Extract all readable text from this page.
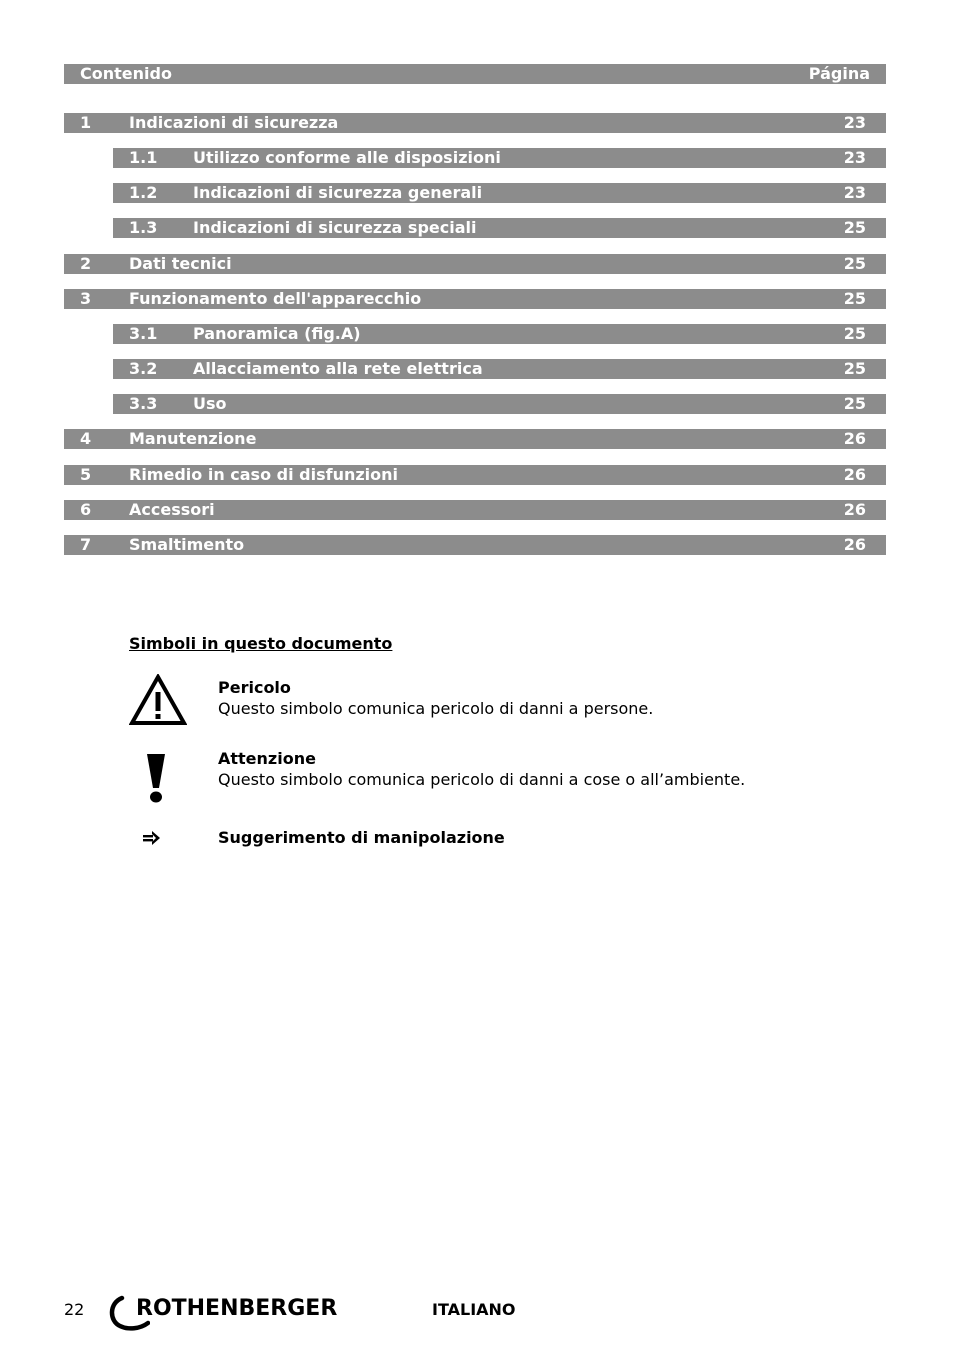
Contenido	Página
1 Indicazioni di sicurezza	23
1.1 Utilizzo conforme alle disposizioni	23
1.2 Indicazioni di sicurezza generali	23
1.3 Indicazioni di sicurezza speciali	25
2 Dati tecnici	25
3 Funzionamento dell'apparecchio	25
3.1 Panoramica (fig.A)	25
3.2 Allacciamento alla rete elettrica	25
3.3 Uso	25
4 Manutenzione	26
5 Rimedio in caso di disfunzioni	26
6 Accessori	26
7 Smaltimento	26
Simboli in questo documento
Pericolo
Questo simbolo comunica pericolo di danni a persone.
Attenzione
Questo simbolo comunica pericolo di danni a cose o all’ambiente.
Suggerimento di manipolazione
22 ROTHENBERGER	ITALIANO
